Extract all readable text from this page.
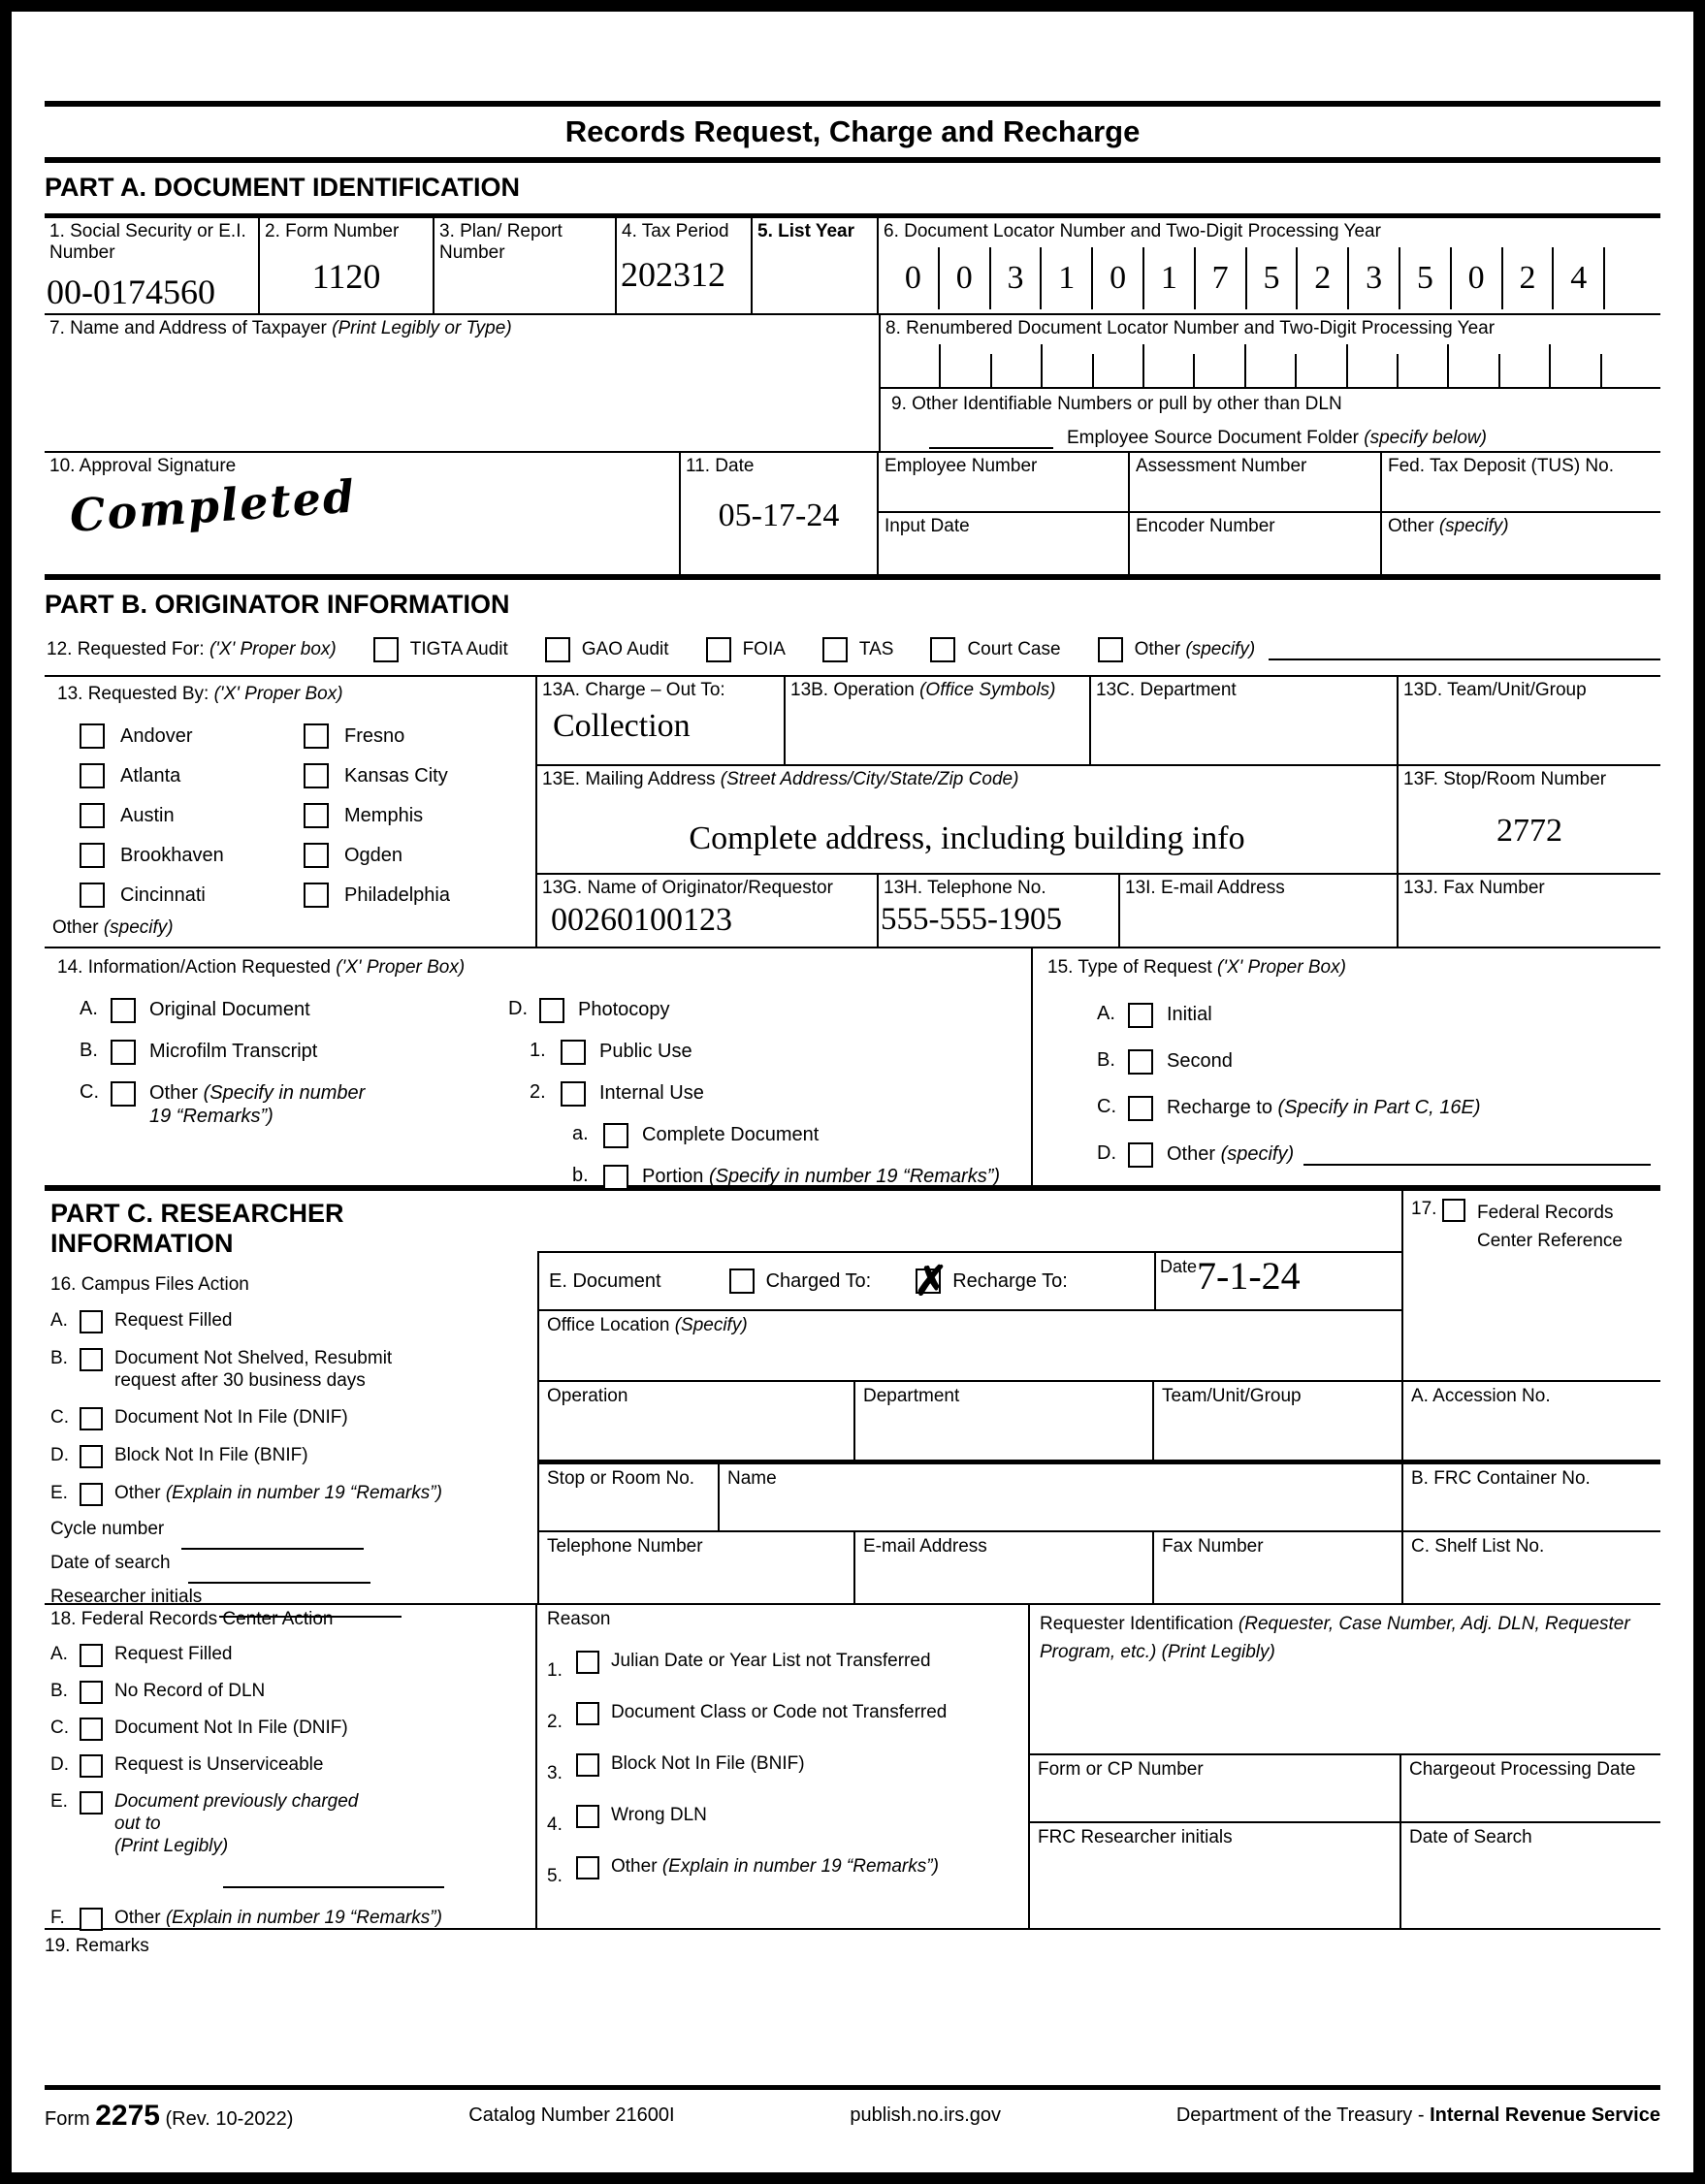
Records Request, Charge and Recharge
PART A. DOCUMENT IDENTIFICATION
1. Social Security or E.I. Number
00-0174560
2. Form Number
1120
3. Plan/ Report Number
4. Tax Period
202312
5. List Year	6. Document Locator Number and Two-Digit Processing Year
0	0	3	1	0	1	7	5	2	3	5	0	2	4
7. Name and Address of Taxpayer (Print Legibly or Type)	8. Renumbered Document Locator Number and Two-Digit Processing Year
9. Other Identifiable Numbers or pull by other than DLN
Employee Source Document Folder (specify below)
10. Approval Signature
Completed
11. Date
05-17-24
Employee Number	Assessment Number	Fed. Tax Deposit (TUS) No.
Input Date	Encoder Number	Other (specify)
PART B. ORIGINATOR INFORMATION
12. Requested For: ('X' Proper box)	TIGTA Audit	GAO Audit	FOIA	TAS	Court Case	Other (specify)
13. Requested By: ('X' Proper Box)
Andover	Fresno
Atlanta	Kansas City
Austin	Memphis
Brookhaven	Ogden
Cincinnati	Philadelphia
Other (specify)
13A. Charge – Out To:
Collection
13B. Operation (Office Symbols)	13C. Department	13D. Team/Unit/Group
13E. Mailing Address (Street Address/City/State/Zip Code)
Complete address, including building info
13F. Stop/Room Number
2772
13G. Name of Originator/Requestor
00260100123
13H. Telephone No.
555-555-1905
13I. E-mail Address	13J. Fax Number
14. Information/Action Requested ('X' Proper Box)
A.	Original Document
B.	Microfilm Transcript
C.	Other (Specify in number 19 “Remarks”)
D.	Photocopy
1.	Public Use
2.	Internal Use
a.	Complete Document
b.	Portion (Specify in number 19 “Remarks”)
15. Type of Request ('X' Proper Box)
A.	Initial
B.	Second
C.	Recharge to (Specify in Part C, 16E)
D.	Other (specify)
PART C. RESEARCHER INFORMATION
16. Campus Files Action
A.	Request Filled
B.	Document Not Shelved, Resubmit request after 30 business days
C.	Document Not In File (DNIF)
D.	Block Not In File (BNIF)
E.	Other (Explain in number 19 “Remarks”)
Cycle number
Date of search
Researcher initials
E. Document	Charged To: ✗ Recharge To:
Date 7-1-24
Office Location (Specify)
Operation	Department	Team/Unit/Group
Stop or Room No.	Name
Telephone Number	E-mail Address	Fax Number
17. Federal Records Center Reference
A. Accession No.
B. FRC Container No.
C. Shelf List No.
18. Federal Records Center Action
A.	Request Filled
B.	No Record of DLN
C.	Document Not In File (DNIF)
D.	Request is Unserviceable
E.	Document previously charged out to
(Print Legibly)
F.	Other (Explain in number 19 “Remarks”)
Reason
1.	Julian Date or Year List not Transferred
2.	Document Class or Code not Transferred
3.	Block Not In File (BNIF)
4.	Wrong DLN
5.	Other (Explain in number 19 “Remarks”)
Requester Identification (Requester, Case Number, Adj. DLN, Requester Program, etc.) (Print Legibly)
Form or CP Number	Chargeout Processing Date
FRC Researcher initials	Date of Search
19. Remarks
Form 2275 (Rev. 10-2022)	Catalog Number 21600I	publish.no.irs.gov	Department of the Treasury - Internal Revenue Service
